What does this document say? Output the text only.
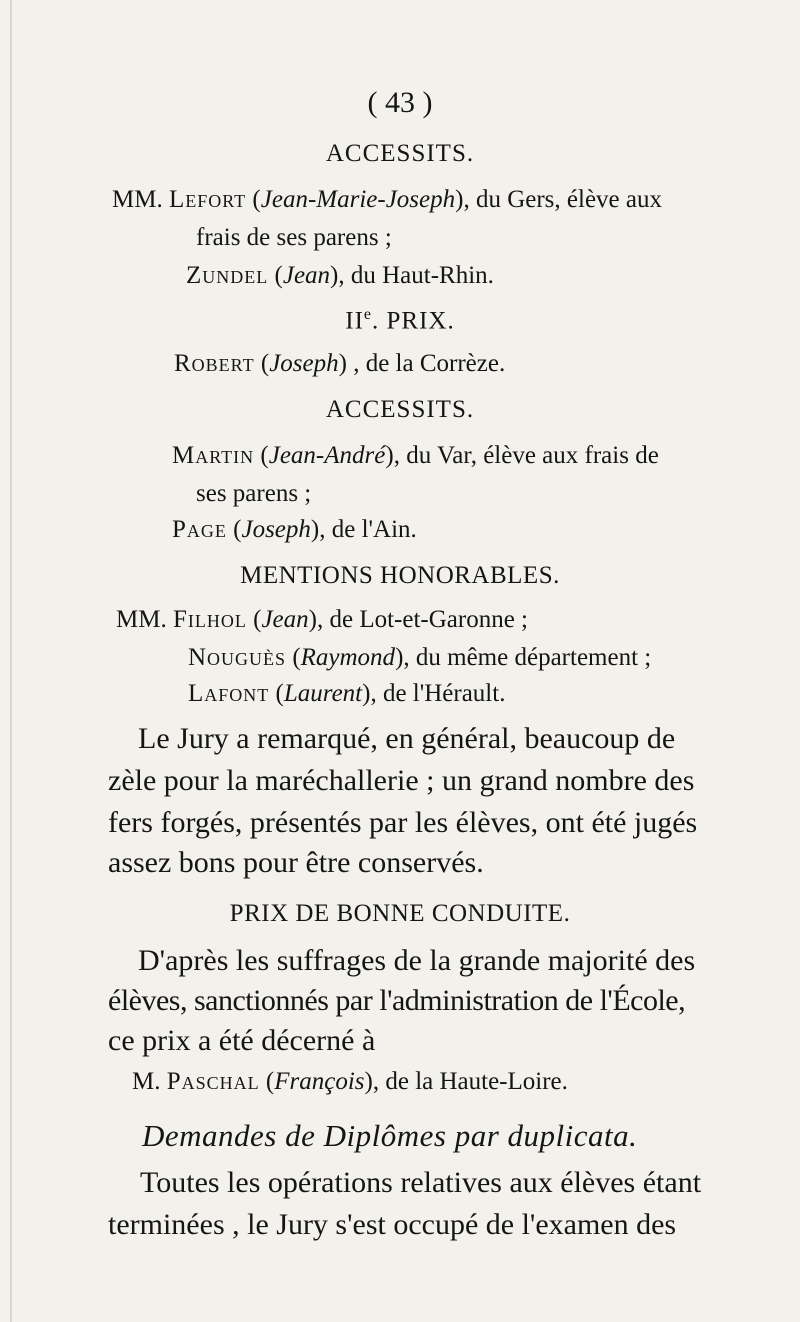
( 43 )
ACCESSITS.
MM. Lefort (Jean-Marie-Joseph), du Gers, élève aux
frais de ses parens ;
Zundel (Jean), du Haut-Rhin.
IIe. PRIX.
Robert (Joseph) , de la Corrèze.
ACCESSITS.
Martin (Jean-André), du Var, élève aux frais de
ses parens ;
Page (Joseph), de l'Ain.
MENTIONS HONORABLES.
MM. Filhol (Jean), de Lot-et-Garonne ;
Nouguès (Raymond), du même département ;
Lafont (Laurent), de l'Hérault.
Le Jury a remarqué, en général, beaucoup de
zèle pour la maréchallerie ; un grand nombre des
fers forgés, présentés par les élèves, ont été jugés
assez bons pour être conservés.
PRIX DE BONNE CONDUITE.
D'après les suffrages de la grande majorité des
élèves, sanctionnés par l'administration de l'École,
ce prix a été décerné à
M. Paschal (François), de la Haute-Loire.
Demandes de Diplômes par duplicata.
Toutes les opérations relatives aux élèves étant
terminées , le Jury s'est occupé de l'examen des
